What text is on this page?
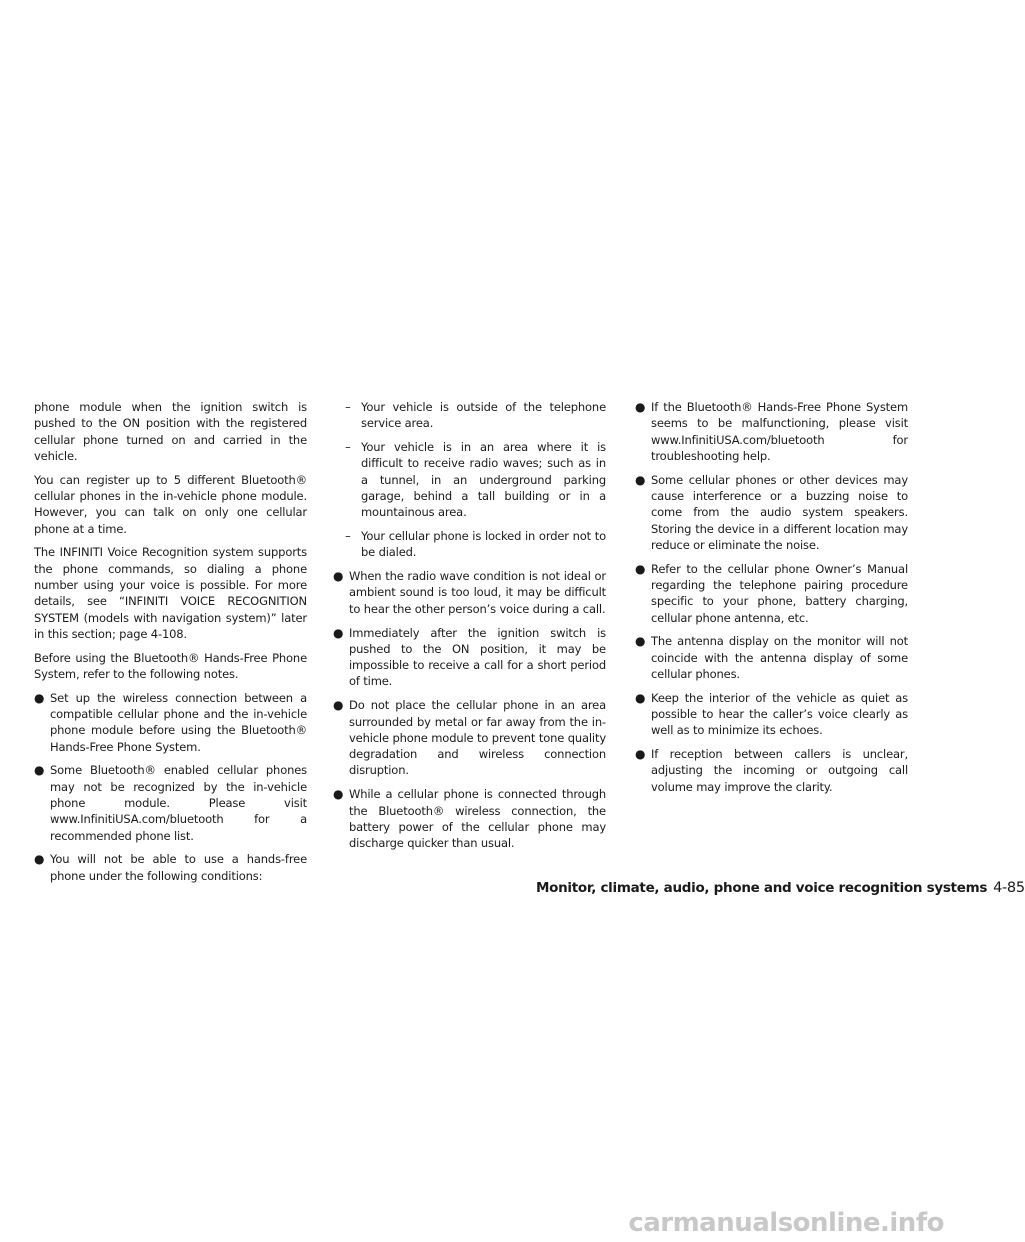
phone module when the ignition switch is pushed to the ON position with the registered cellular phone turned on and carried in the vehicle.

You can register up to 5 different Bluetooth® cellular phones in the in-vehicle phone module. However, you can talk on only one cellular phone at a time.

The INFINITI Voice Recognition system supports the phone commands, so dialing a phone number using your voice is possible. For more details, see “INFINITI VOICE RECOGNITION SYSTEM (models with navigation system)” later in this section; page 4-108.

Before using the Bluetooth® Hands-Free Phone System, refer to the following notes.

● Set up the wireless connection between a compatible cellular phone and the in-vehicle phone module before using the Bluetooth® Hands-Free Phone System.
● Some Bluetooth® enabled cellular phones may not be recognized by the in-vehicle phone module. Please visit www.InfinitiUSA.com/bluetooth for a recommended phone list.
● You will not be able to use a hands-free phone under the following conditions:
– Your vehicle is outside of the telephone service area.
– Your vehicle is in an area where it is difficult to receive radio waves; such as in a tunnel, in an underground parking garage, behind a tall building or in a mountainous area.
– Your cellular phone is locked in order not to be dialed.
● When the radio wave condition is not ideal or ambient sound is too loud, it may be difficult to hear the other person’s voice during a call.
● Immediately after the ignition switch is pushed to the ON position, it may be impossible to receive a call for a short period of time.
● Do not place the cellular phone in an area surrounded by metal or far away from the in-vehicle phone module to prevent tone quality degradation and wireless connection disruption.
● While a cellular phone is connected through the Bluetooth® wireless connection, the battery power of the cellular phone may discharge quicker than usual.
● If the Bluetooth® Hands-Free Phone System seems to be malfunctioning, please visit www.InfinitiUSA.com/bluetooth for troubleshooting help.
● Some cellular phones or other devices may cause interference or a buzzing noise to come from the audio system speakers. Storing the device in a different location may reduce or eliminate the noise.
● Refer to the cellular phone Owner’s Manual regarding the telephone pairing procedure specific to your phone, battery charging, cellular phone antenna, etc.
● The antenna display on the monitor will not coincide with the antenna display of some cellular phones.
● Keep the interior of the vehicle as quiet as possible to hear the caller’s voice clearly as well as to minimize its echoes.
● If reception between callers is unclear, adjusting the incoming or outgoing call volume may improve the clarity.
Monitor, climate, audio, phone and voice recognition systems 4-85
carmanualsonline.info
